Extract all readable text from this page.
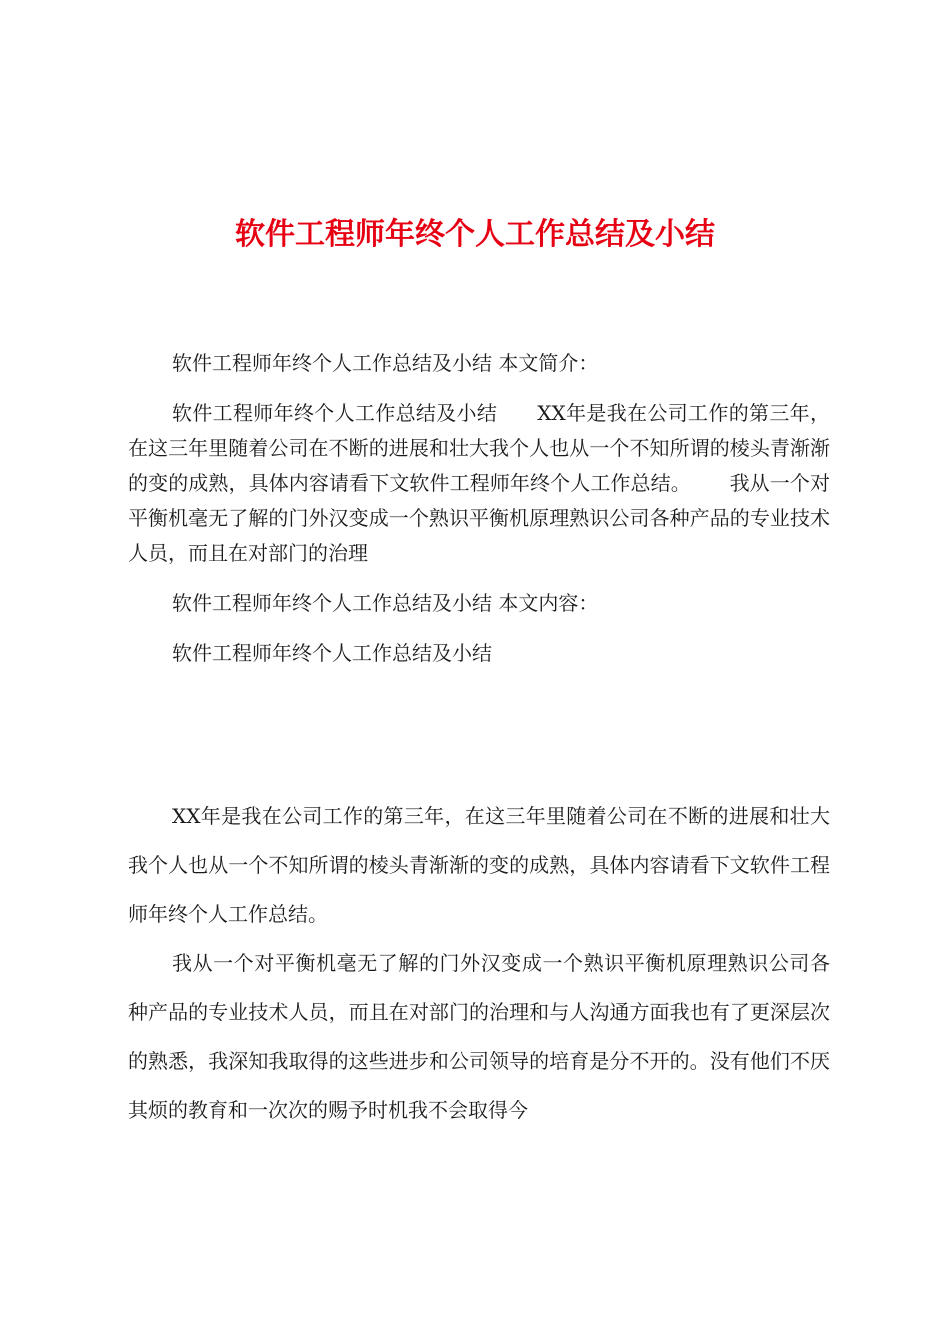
软件工程师年终个人工作总结及小结

软件工程师年终个人工作总结及小结 本文简介：

软件工程师年终个人工作总结及小结      XX年是我在公司工作的第三年，在这三年里随着公司在不断的进展和壮大我个人也从一个不知所谓的棱头青渐渐的变的成熟，具体内容请看下文软件工程师年终个人工作总结。      我从一个对平衡机毫无了解的门外汉变成一个熟识平衡机原理熟识公司各种产品的专业技术人员，而且在对部门的治理

软件工程师年终个人工作总结及小结 本文内容：

软件工程师年终个人工作总结及小结

XX年是我在公司工作的第三年，在这三年里随着公司在不断的进展和壮大我个人也从一个不知所谓的棱头青渐渐的变的成熟，具体内容请看下文软件工程师年终个人工作总结。

我从一个对平衡机毫无了解的门外汉变成一个熟识平衡机原理熟识公司各种产品的专业技术人员，而且在对部门的治理和与人沟通方面我也有了更深层次的熟悉，我深知我取得的这些进步和公司领导的培育是分不开的。没有他们不厌其烦的教育和一次次的赐予时机我不会取得今
